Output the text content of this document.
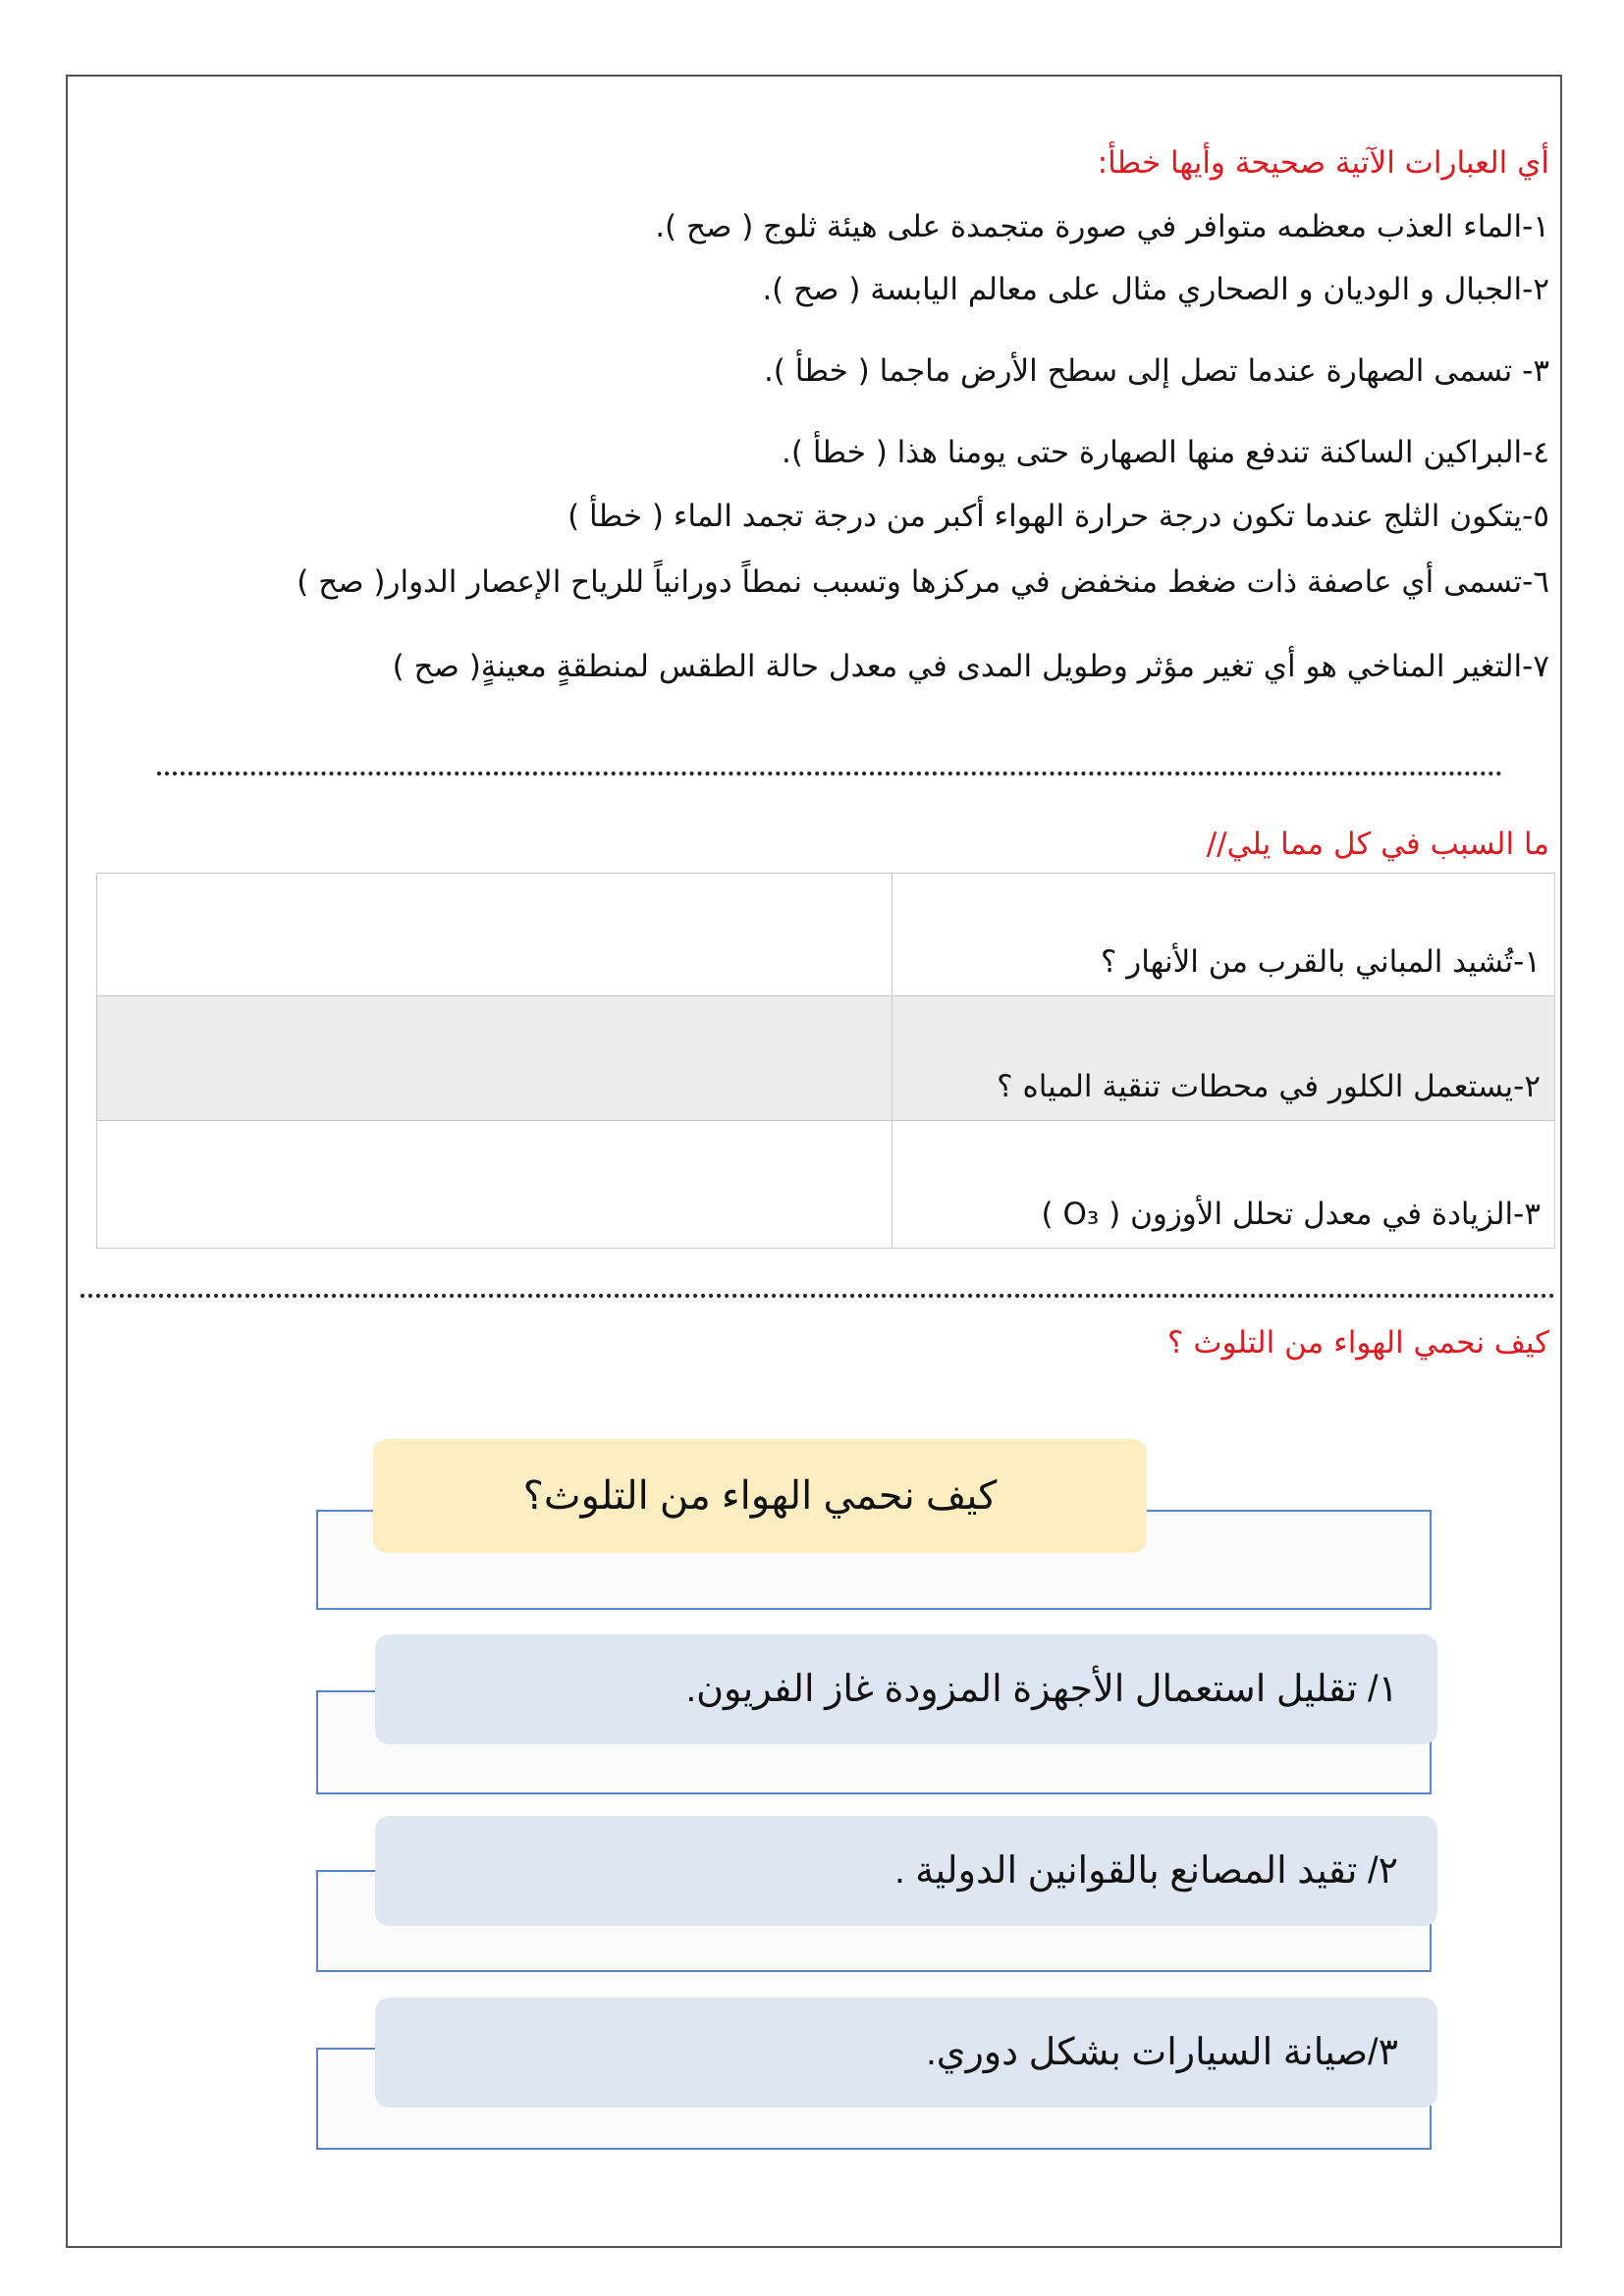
أي العبارات الآتية صحيحة وأيها خطأ:
١-الماء العذب معظمه متوافر في صورة متجمدة على هيئة ثلوج ( صح ).
٢-الجبال و الوديان و الصحاري مثال على معالم اليابسة ( صح ).
٣- تسمى الصهارة عندما تصل إلى سطح الأرض ماجما ( خطأ ).
٤-البراكين الساكنة تندفع منها الصهارة حتى يومنا هذا ( خطأ ).
٥-يتكون الثلج عندما تكون درجة حرارة الهواء أكبر من درجة تجمد الماء ( خطأ )
٦-تسمى أي عاصفة ذات ضغط منخفض في مركزها وتسبب نمطاً دورانياً للرياح الإعصار الدوار( صح )
٧-التغير المناخي هو أي تغير مؤثر وطويل المدى في معدل حالة الطقس لمنطقةٍ معينةٍ( صح )
ما السبب في كل مما يلي//
١-تُشيد المباني بالقرب من الأنهار ؟	
٢-يستعمل الكلور في محطات تنقية المياه ؟	
٣-الزيادة في معدل تحلل الأوزون ( O₃ )	
كيف نحمي الهواء من التلوث ؟
كيف نحمي الهواء من التلوث؟
١/ تقليل استعمال الأجهزة المزودة غاز الفريون.
٢/ تقيد المصانع بالقوانين الدولية .
٣/صيانة السيارات بشكل دوري.
